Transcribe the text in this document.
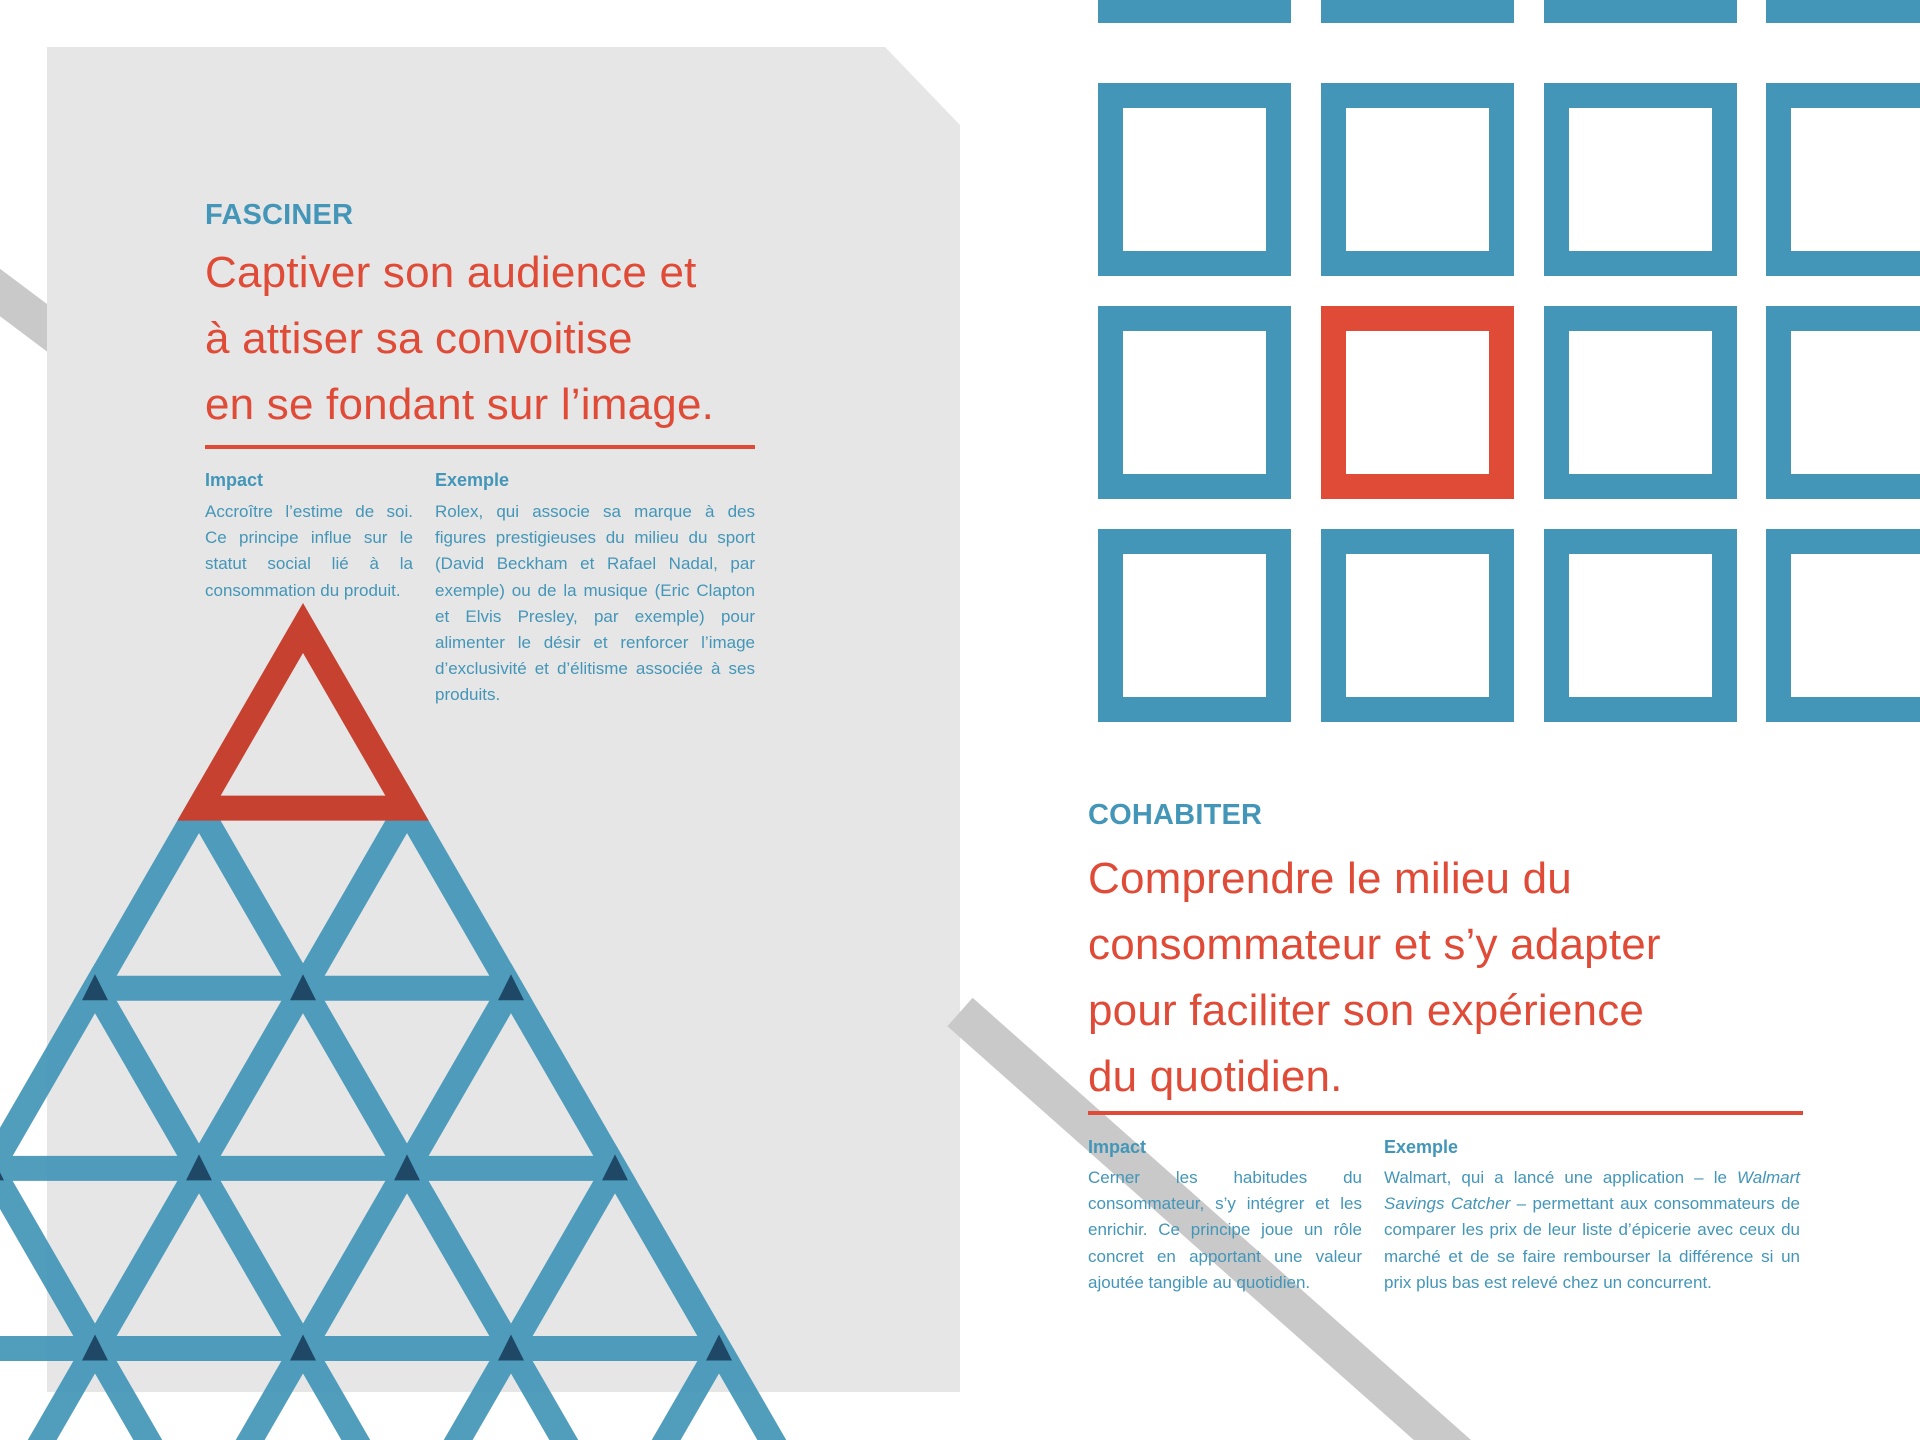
FASCINER
Captiver son audience et
à attiser sa convoitise
en se fondant sur l’image.
Impact

Accroître l’estime de soi. Ce principe influe sur le statut social lié à la consommation du produit.

Exemple

Rolex, qui associe sa marque à des figures prestigieuses du milieu du sport (David Beckham et Rafael Nadal, par exemple) ou de la musique (Eric Clapton et Elvis Presley, par exemple) pour alimenter le désir et renforcer l’image d’exclusivité et d’élitisme associée à ses produits.

COHABITER
Comprendre le milieu du
consommateur et s’y adapter
pour faciliter son expérience
du quotidien.
Impact

Cerner les habitudes du consommateur, s’y intégrer et les enrichir. Ce principe joue un rôle concret en apportant une valeur ajoutée tangible au quotidien.

Exemple

Walmart, qui a lancé une application – le Walmart Savings Catcher – permettant aux consommateurs de comparer les prix de leur liste d’épicerie avec ceux du marché et de se faire rembourser la différence si un prix plus bas est relevé chez un concurrent.
